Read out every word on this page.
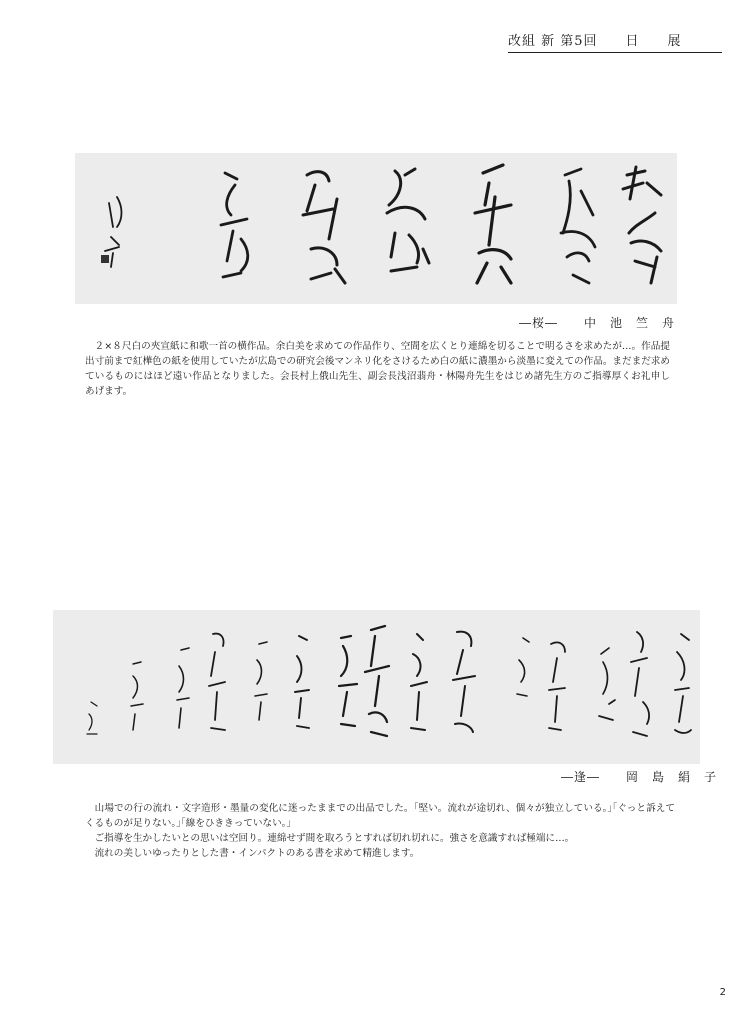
改組 新 第5回　　日　　展
―桜―　　中　池　竺　舟

　２×８尺白の夾宣紙に和歌一首の横作品。余白美を求めての作品作り、空間を広くとり連綿を切ることで明るさを求めたが…。作品提出寸前まで紅樺色の紙を使用していたが広島での研究会後マンネリ化をさけるため白の紙に濃墨から淡墨に変えての作品。まだまだ求めているものにはほど遠い作品となりました。会長村上俄山先生、副会長浅沼翡舟・林陽舟先生をはじめ諸先生方のご指導厚くお礼申しあげます。

―逢―　　岡　島　絹　子

　山場での行の流れ・文字造形・墨量の変化に迷ったままでの出品でした。｢堅い。流れが途切れ、個々が独立している。｣｢ぐっと訴えてくるものが足りない。｣｢線をひききっていない。｣

　ご指導を生かしたいとの思いは空回り。連綿せず間を取ろうとすれば切れ切れに。強さを意識すれば極端に…。

　流れの美しいゆったりとした書・インパクトのある書を求めて精進します。

2
